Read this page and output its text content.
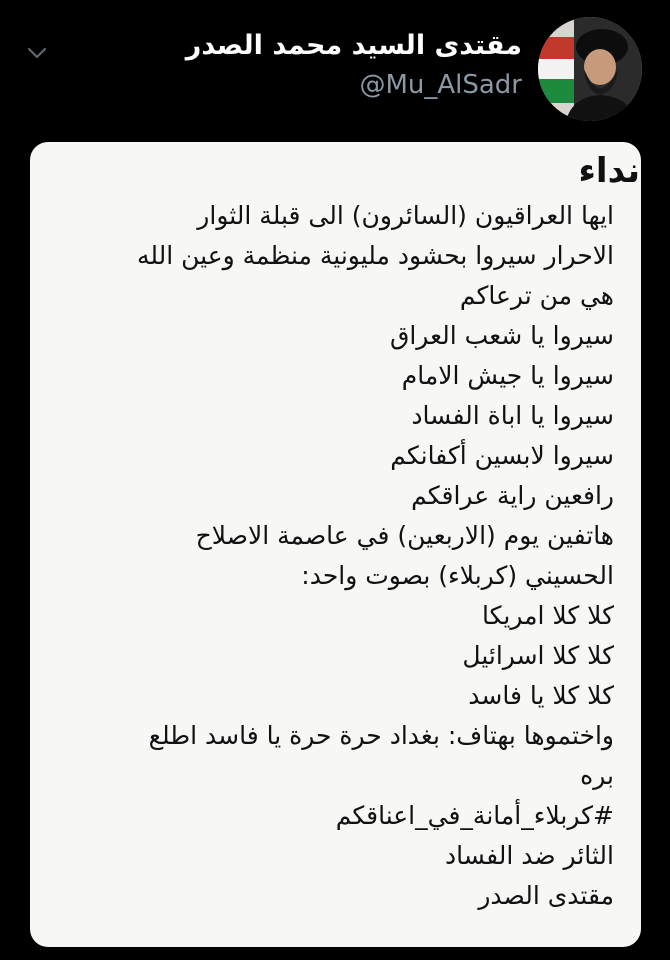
مقتدى السيد محمد الصدر
@Mu_AlSadr
نداء
ايها العراقيون (السائرون) الى قبلة الثوار
الاحرار سيروا بحشود مليونية منظمة وعين الله
هي من ترعاكم
سيروا يا شعب العراق
سيروا يا جيش الامام
سيروا يا اباة الفساد
سيروا لابسين أكفانكم
رافعين راية عراقكم
هاتفين يوم (الاربعين) في عاصمة الاصلاح
الحسيني (كربلاء) بصوت واحد:
كلا كلا امريكا
كلا كلا اسرائيل
كلا كلا يا فاسد
واختموها بهتاف: بغداد حرة حرة يا فاسد اطلع
بره
#كربلاء_أمانة_في_اعناقكم
الثائر ضد الفساد
مقتدى الصدر
